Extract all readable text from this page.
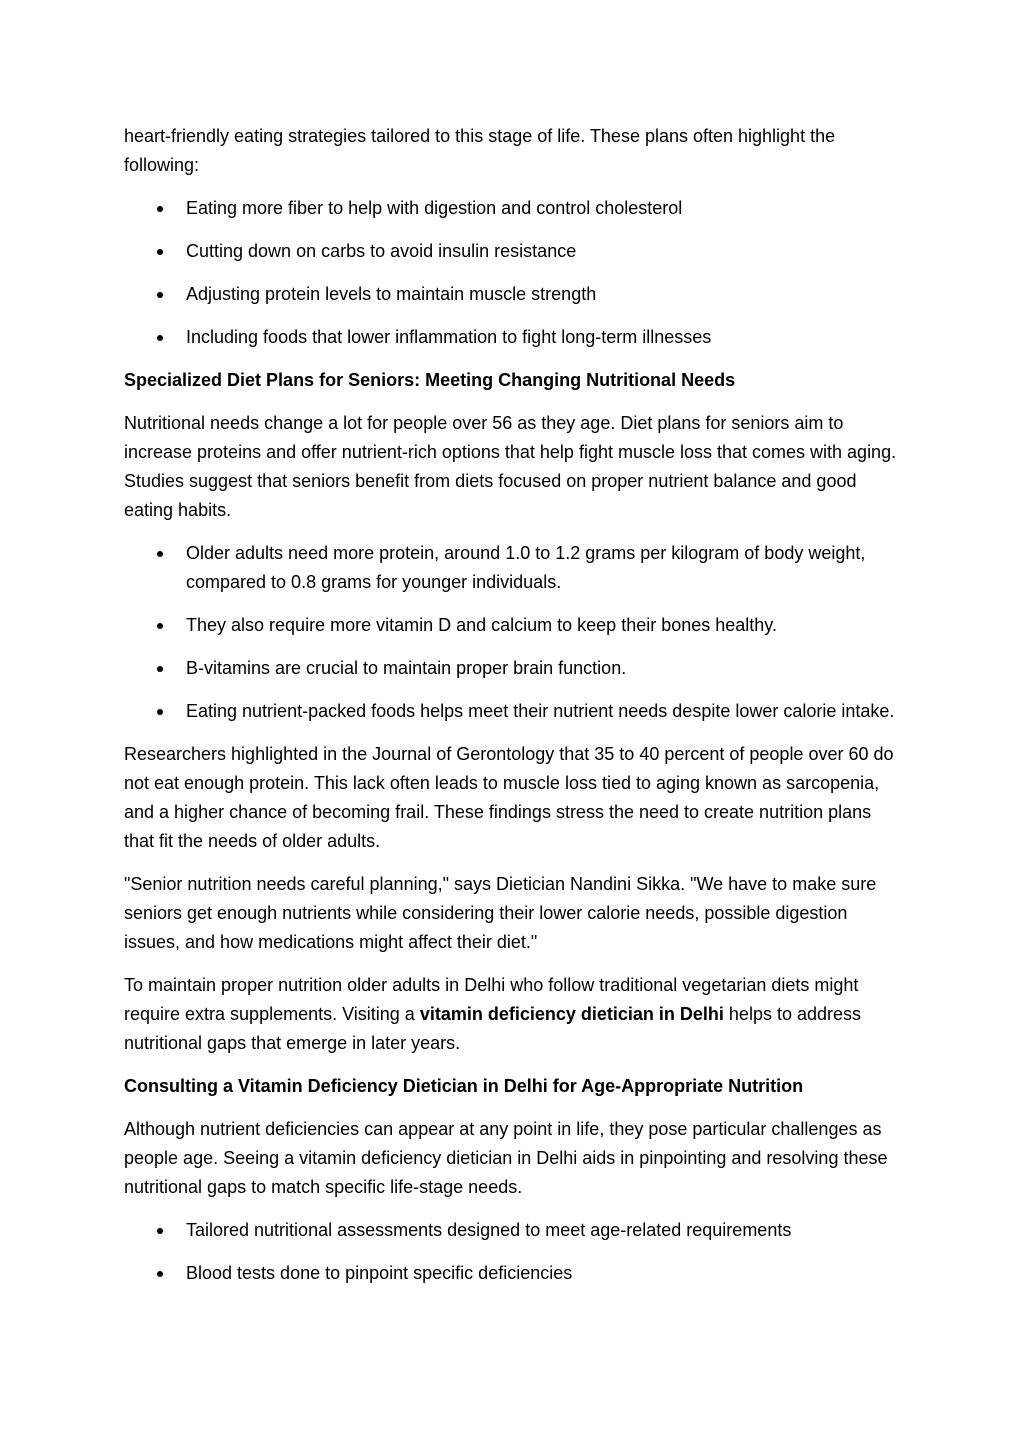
heart-friendly eating strategies tailored to this stage of life. These plans often highlight the following:

Eating more fiber to help with digestion and control cholesterol
Cutting down on carbs to avoid insulin resistance
Adjusting protein levels to maintain muscle strength
Including foods that lower inflammation to fight long-term illnesses
Specialized Diet Plans for Seniors: Meeting Changing Nutritional Needs

Nutritional needs change a lot for people over 56 as they age. Diet plans for seniors aim to increase proteins and offer nutrient-rich options that help fight muscle loss that comes with aging. Studies suggest that seniors benefit from diets focused on proper nutrient balance and good eating habits.

Older adults need more protein, around 1.0 to 1.2 grams per kilogram of body weight, compared to 0.8 grams for younger individuals.
They also require more vitamin D and calcium to keep their bones healthy.
B-vitamins are crucial to maintain proper brain function.
Eating nutrient-packed foods helps meet their nutrient needs despite lower calorie intake.

Researchers highlighted in the Journal of Gerontology that 35 to 40 percent of people over 60 do not eat enough protein. This lack often leads to muscle loss tied to aging known as sarcopenia, and a higher chance of becoming frail. These findings stress the need to create nutrition plans that fit the needs of older adults.

"Senior nutrition needs careful planning," says Dietician Nandini Sikka. "We have to make sure seniors get enough nutrients while considering their lower calorie needs, possible digestion issues, and how medications might affect their diet."

To maintain proper nutrition older adults in Delhi who follow traditional vegetarian diets might require extra supplements. Visiting a vitamin deficiency dietician in Delhi helps to address nutritional gaps that emerge in later years.

Consulting a Vitamin Deficiency Dietician in Delhi for Age-Appropriate Nutrition

Although nutrient deficiencies can appear at any point in life, they pose particular challenges as people age. Seeing a vitamin deficiency dietician in Delhi aids in pinpointing and resolving these nutritional gaps to match specific life-stage needs.

Tailored nutritional assessments designed to meet age-related requirements
Blood tests done to pinpoint specific deficiencies
